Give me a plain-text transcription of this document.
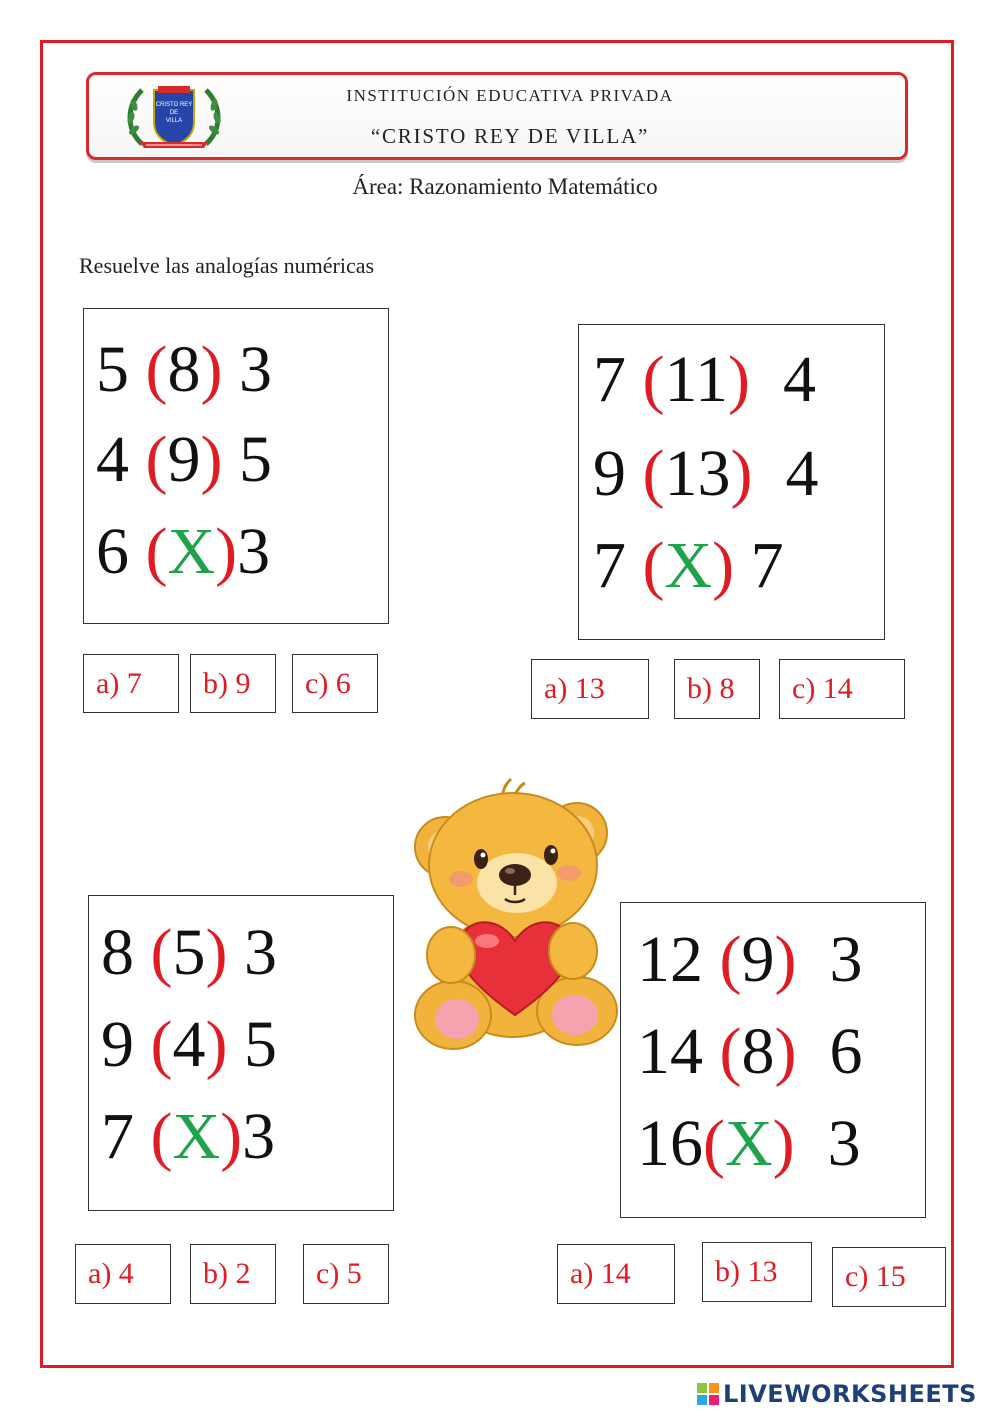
CRISTO REY
DE
VILLA
INSTITUCIÓN EDUCATIVA PRIVADA
“CRISTO REY DE VILLA”
Área: Razonamiento Matemático
Resuelve las analogías numéricas
5 (8) 3
4 (9) 5
6 (X)3
a) 7	b) 9	c) 6
7 (11) 4
9 (13) 4
7 (X) 7
a) 13	b) 8	c) 14
8 (5) 3
9 (4) 5
7 (X)3
a) 4	b) 2	c) 5
12 (9) 3
14 (8) 6
16(X) 3
a) 14	b) 13	c) 15
LIVEWORKSHEETS
